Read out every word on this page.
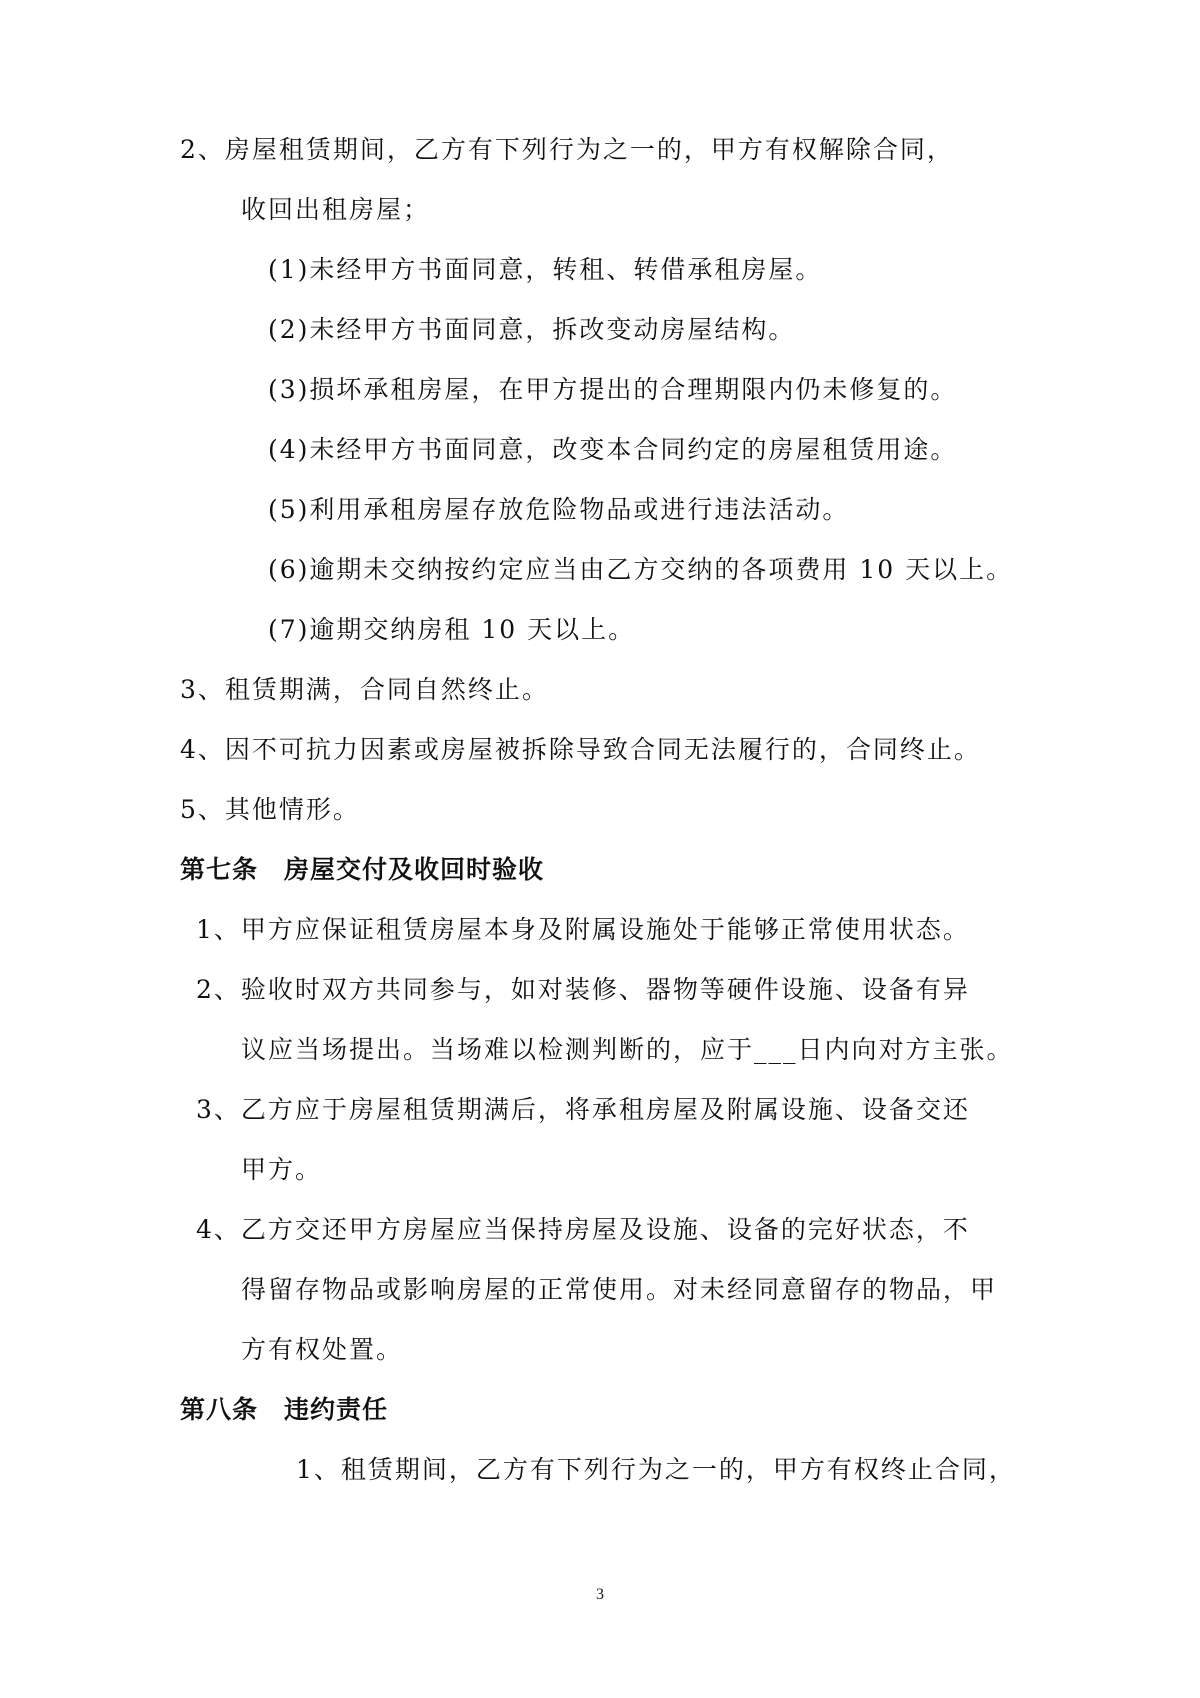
2、房屋租赁期间，乙方有下列行为之一的，甲方有权解除合同，
收回出租房屋；
(1)未经甲方书面同意，转租、转借承租房屋。
(2)未经甲方书面同意，拆改变动房屋结构。
(3)损坏承租房屋，在甲方提出的合理期限内仍未修复的。
(4)未经甲方书面同意，改变本合同约定的房屋租赁用途。
(5)利用承租房屋存放危险物品或进行违法活动。
(6)逾期未交纳按约定应当由乙方交纳的各项费用 10 天以上。
(7)逾期交纳房租 10 天以上。
3、租赁期满，合同自然终止。
4、因不可抗力因素或房屋被拆除导致合同无法履行的，合同终止。
5、其他情形。
第七条　房屋交付及收回时验收
1、甲方应保证租赁房屋本身及附属设施处于能够正常使用状态。
2、验收时双方共同参与，如对装修、器物等硬件设施、设备有异
议应当场提出。当场难以检测判断的，应于___日内向对方主张。
3、乙方应于房屋租赁期满后，将承租房屋及附属设施、设备交还
甲方。
4、乙方交还甲方房屋应当保持房屋及设施、设备的完好状态，不
得留存物品或影响房屋的正常使用。对未经同意留存的物品，甲
方有权处置。
第八条　违约责任
1、租赁期间，乙方有下列行为之一的，甲方有权终止合同，
3
